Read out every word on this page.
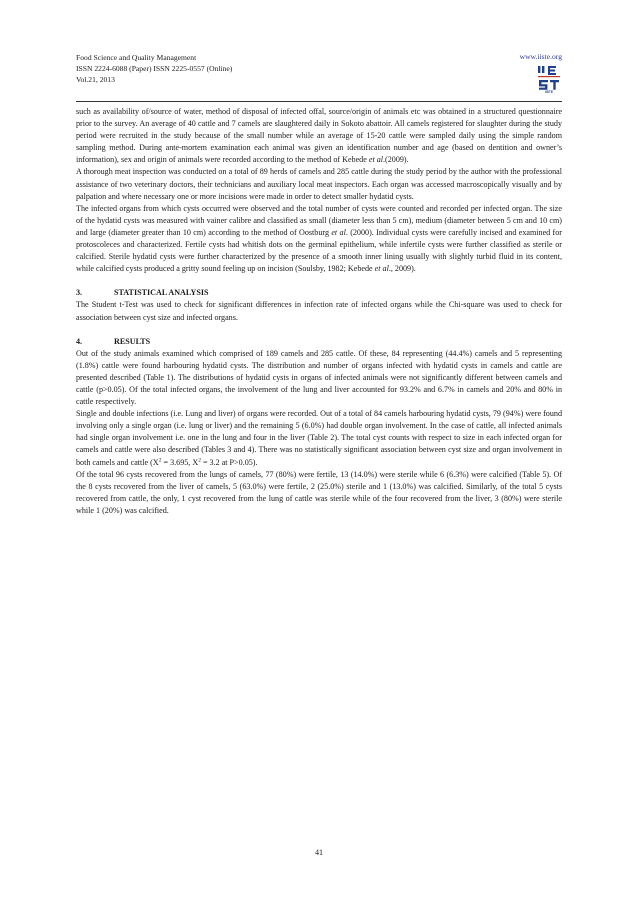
Food Science and Quality Management
ISSN 2224-6088 (Paper) ISSN 2225-0557 (Online)
Vol.21, 2013
www.iiste.org
IISTE

such as availability of/source of water, method of disposal of infected offal, source/origin of animals etc was obtained in a structured questionnaire prior to the survey. An average of 40 cattle and 7 camels are slaughtered daily in Sokoto abattoir. All camels registered for slaughter during the study period were recruited in the study because of the small number while an average of 15-20 cattle were sampled daily using the simple random sampling method. During ante-mortem examination each animal was given an identification number and age (based on dentition and owner’s information), sex and origin of animals were recorded according to the method of Kebede et al.(2009).

A thorough meat inspection was conducted on a total of 89 herds of camels and 285 cattle during the study period by the author with the professional assistance of two veterinary doctors, their technicians and auxiliary local meat inspectors. Each organ was accessed macroscopically visually and by palpation and where necessary one or more incisions were made in order to detect smaller hydatid cysts.

The infected organs from which cysts occurred were observed and the total number of cysts were counted and recorded per infected organ. The size of the hydatid cysts was measured with vainer calibre and classified as small (diameter less than 5 cm), medium (diameter between 5 cm and 10 cm) and large (diameter greater than 10 cm) according to the method of Oostburg et al. (2000). Individual cysts were carefully incised and examined for protoscoleces and characterized. Fertile cysts had whitish dots on the germinal epithelium, while infertile cysts were further classified as sterile or calcified. Sterile hydatid cysts were further characterized by the presence of a smooth inner lining usually with slightly turbid fluid in its content, while calcified cysts produced a gritty sound feeling up on incision (Soulsby, 1982; Kebede et al., 2009).

3.	STATISTICAL ANALYSIS

The Student t-Test was used to check for significant differences in infection rate of infected organs while the Chi-square was used to check for association between cyst size and infected organs.

4.	RESULTS

Out of the study animals examined which comprised of 189 camels and 285 cattle. Of these, 84 representing (44.4%) camels and 5 representing (1.8%) cattle were found harbouring hydatid cysts. The distribution and number of organs infected with hydatid cysts in camels and cattle are presented described (Table 1). The distributions of hydatid cysts in organs of infected animals were not significantly different between camels and cattle (p>0.05). Of the total infected organs, the involvement of the lung and liver accounted for 93.2% and 6.7% in camels and 20% and 80% in cattle respectively.

Single and double infections (i.e. Lung and liver) of organs were recorded. Out of a total of 84 camels harbouring hydatid cysts, 79 (94%) were found involving only a single organ (i.e. lung or liver) and the remaining 5 (6.0%) had double organ involvement. In the case of cattle, all infected animals had single organ involvement i.e. one in the lung and four in the liver (Table 2). The total cyst counts with respect to size in each infected organ for camels and cattle were also described (Tables 3 and 4). There was no statistically significant association between cyst size and organ involvement in both camels and cattle ($X^2 = 3.695$, $X^2 = 3.2$ at P>0.05).

Of the total 96 cysts recovered from the lungs of camels, 77 (80%) were fertile, 13 (14.0%) were sterile while 6 (6.3%) were calcified (Table 5). Of the 8 cysts recovered from the liver of camels, 5 (63.0%) were fertile, 2 (25.0%) sterile and 1 (13.0%) was calcified. Similarly, of the total 5 cysts recovered from cattle, the only, 1 cyst recovered from the lung of cattle was sterile while of the four recovered from the liver, 3 (80%) were sterile while 1 (20%) was calcified.

41
